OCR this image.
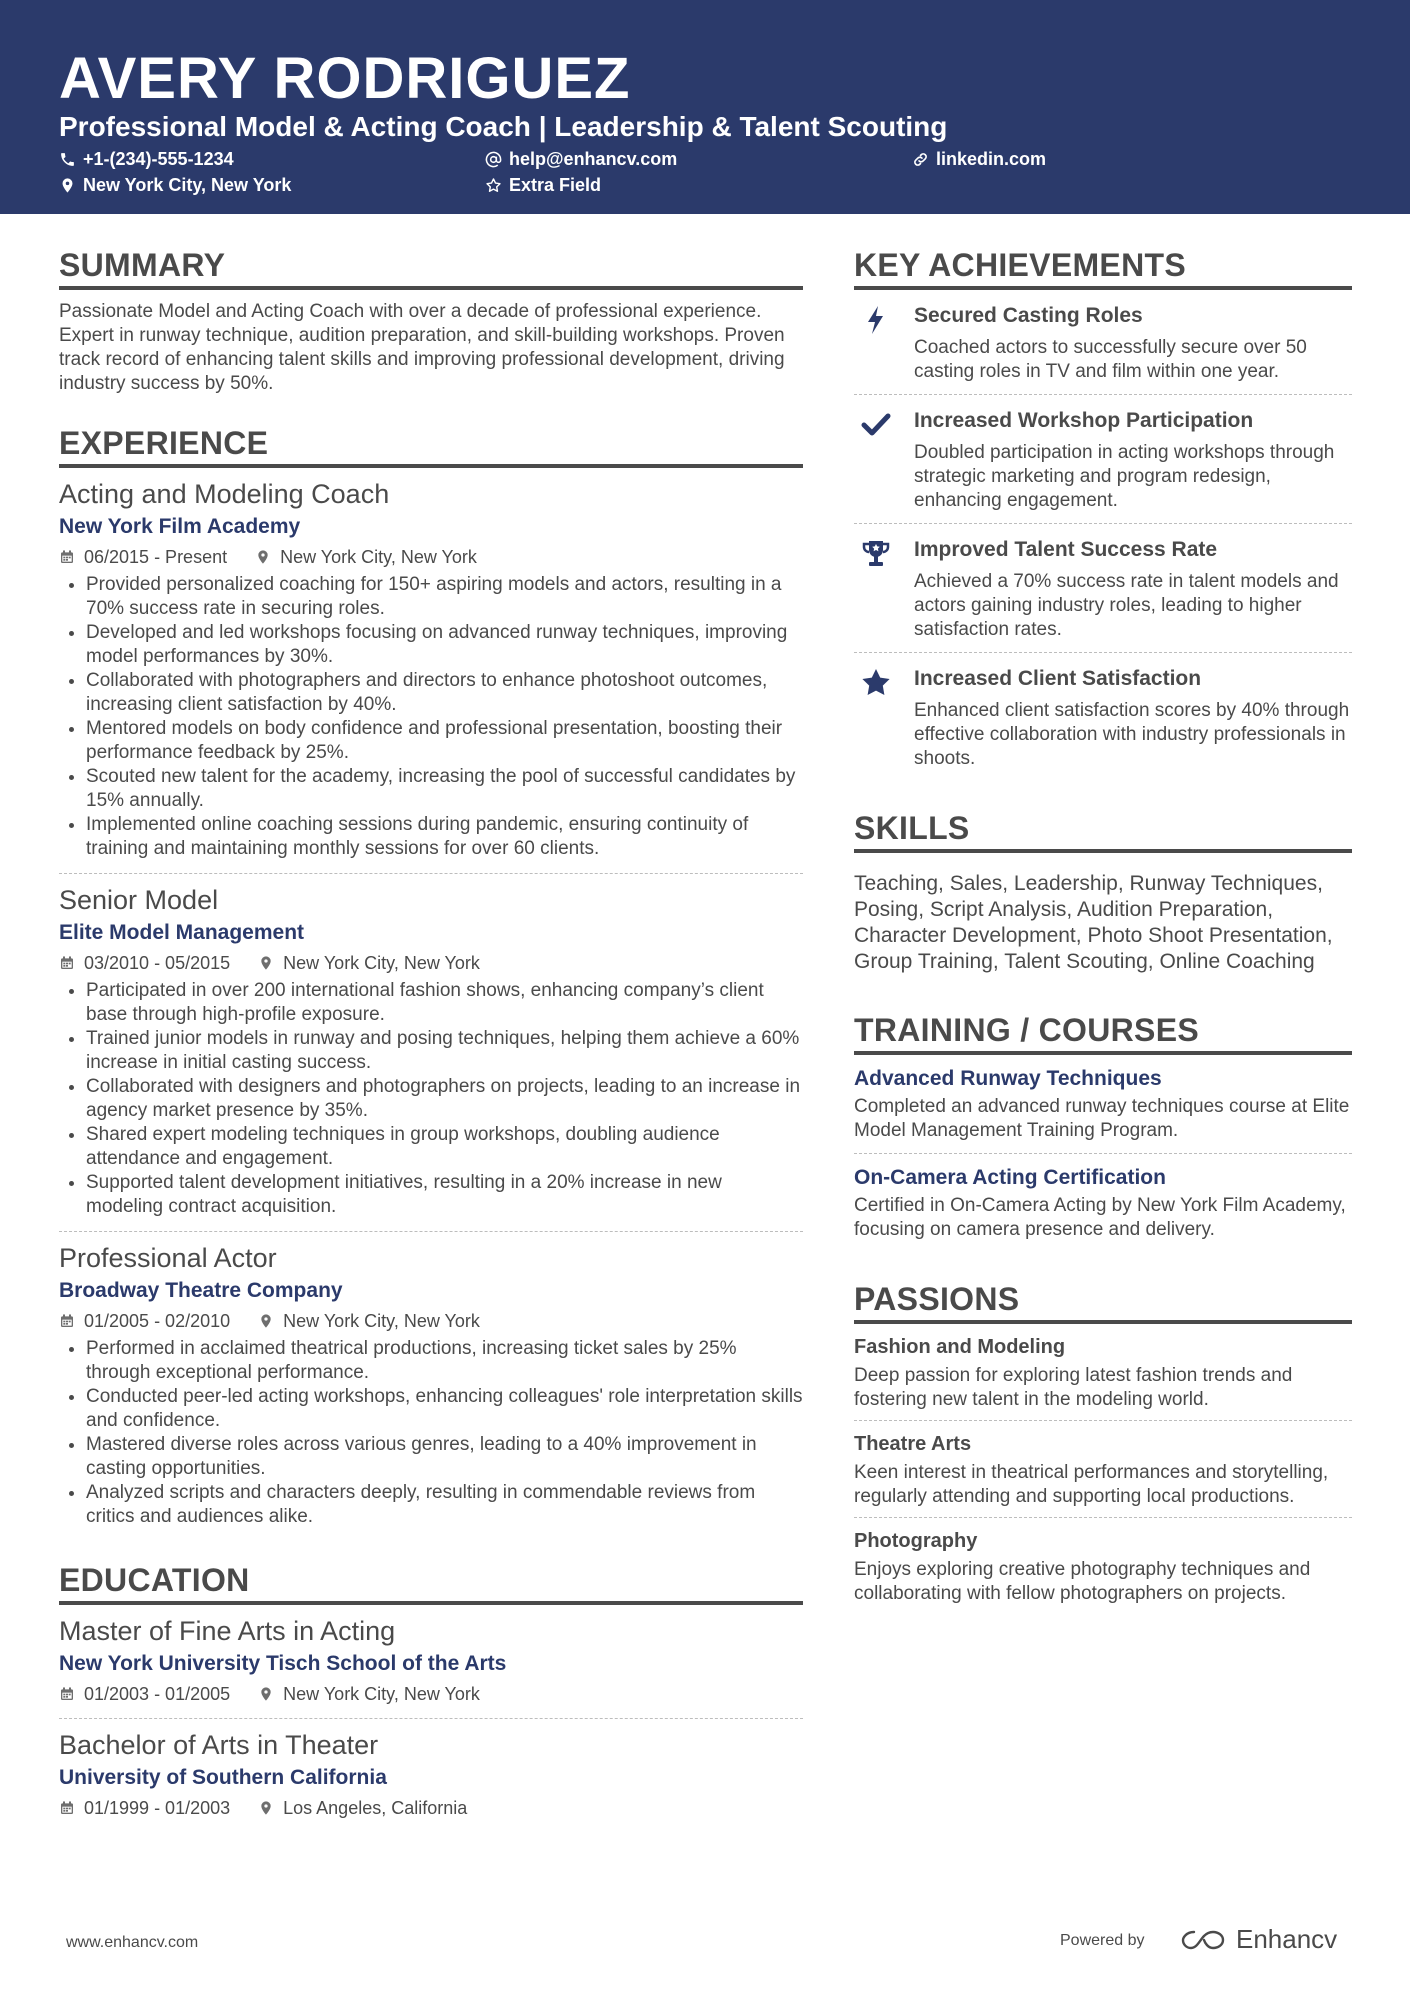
AVERY RODRIGUEZ
Professional Model & Acting Coach | Leadership & Talent Scouting
+1-(234)-555-1234	help@enhancv.com	linkedin.com
New York City, New York	Extra Field
SUMMARY
Passionate Model and Acting Coach with over a decade of professional experience. Expert in runway technique, audition preparation, and skill-building workshops. Proven track record of enhancing talent skills and improving professional development, driving industry success by 50%.
EXPERIENCE
Acting and Modeling Coach
New York Film Academy
06/2015 - Present	New York City, New York
• Provided personalized coaching for 150+ aspiring models and actors, resulting in a 70% success rate in securing roles.
• Developed and led workshops focusing on advanced runway techniques, improving model performances by 30%.
• Collaborated with photographers and directors to enhance photoshoot outcomes, increasing client satisfaction by 40%.
• Mentored models on body confidence and professional presentation, boosting their performance feedback by 25%.
• Scouted new talent for the academy, increasing the pool of successful candidates by 15% annually.
• Implemented online coaching sessions during pandemic, ensuring continuity of training and maintaining monthly sessions for over 60 clients.
Senior Model
Elite Model Management
03/2010 - 05/2015	New York City, New York
• Participated in over 200 international fashion shows, enhancing company’s client base through high-profile exposure.
• Trained junior models in runway and posing techniques, helping them achieve a 60% increase in initial casting success.
• Collaborated with designers and photographers on projects, leading to an increase in agency market presence by 35%.
• Shared expert modeling techniques in group workshops, doubling audience attendance and engagement.
• Supported talent development initiatives, resulting in a 20% increase in new modeling contract acquisition.
Professional Actor
Broadway Theatre Company
01/2005 - 02/2010	New York City, New York
• Performed in acclaimed theatrical productions, increasing ticket sales by 25% through exceptional performance.
• Conducted peer-led acting workshops, enhancing colleagues' role interpretation skills and confidence.
• Mastered diverse roles across various genres, leading to a 40% improvement in casting opportunities.
• Analyzed scripts and characters deeply, resulting in commendable reviews from critics and audiences alike.
EDUCATION
Master of Fine Arts in Acting
New York University Tisch School of the Arts
01/2003 - 01/2005	New York City, New York
Bachelor of Arts in Theater
University of Southern California
01/1999 - 01/2003	Los Angeles, California
KEY ACHIEVEMENTS
Secured Casting Roles
Coached actors to successfully secure over 50 casting roles in TV and film within one year.
Increased Workshop Participation
Doubled participation in acting workshops through strategic marketing and program redesign, enhancing engagement.
Improved Talent Success Rate
Achieved a 70% success rate in talent models and actors gaining industry roles, leading to higher satisfaction rates.
Increased Client Satisfaction
Enhanced client satisfaction scores by 40% through effective collaboration with industry professionals in shoots.
SKILLS
Teaching, Sales, Leadership, Runway Techniques, Posing, Script Analysis, Audition Preparation, Character Development, Photo Shoot Presentation, Group Training, Talent Scouting, Online Coaching
TRAINING / COURSES
Advanced Runway Techniques
Completed an advanced runway techniques course at Elite Model Management Training Program.
On-Camera Acting Certification
Certified in On-Camera Acting by New York Film Academy, focusing on camera presence and delivery.
PASSIONS
Fashion and Modeling
Deep passion for exploring latest fashion trends and fostering new talent in the modeling world.
Theatre Arts
Keen interest in theatrical performances and storytelling, regularly attending and supporting local productions.
Photography
Enjoys exploring creative photography techniques and collaborating with fellow photographers on projects.
www.enhancv.com	Powered by	Enhancv
